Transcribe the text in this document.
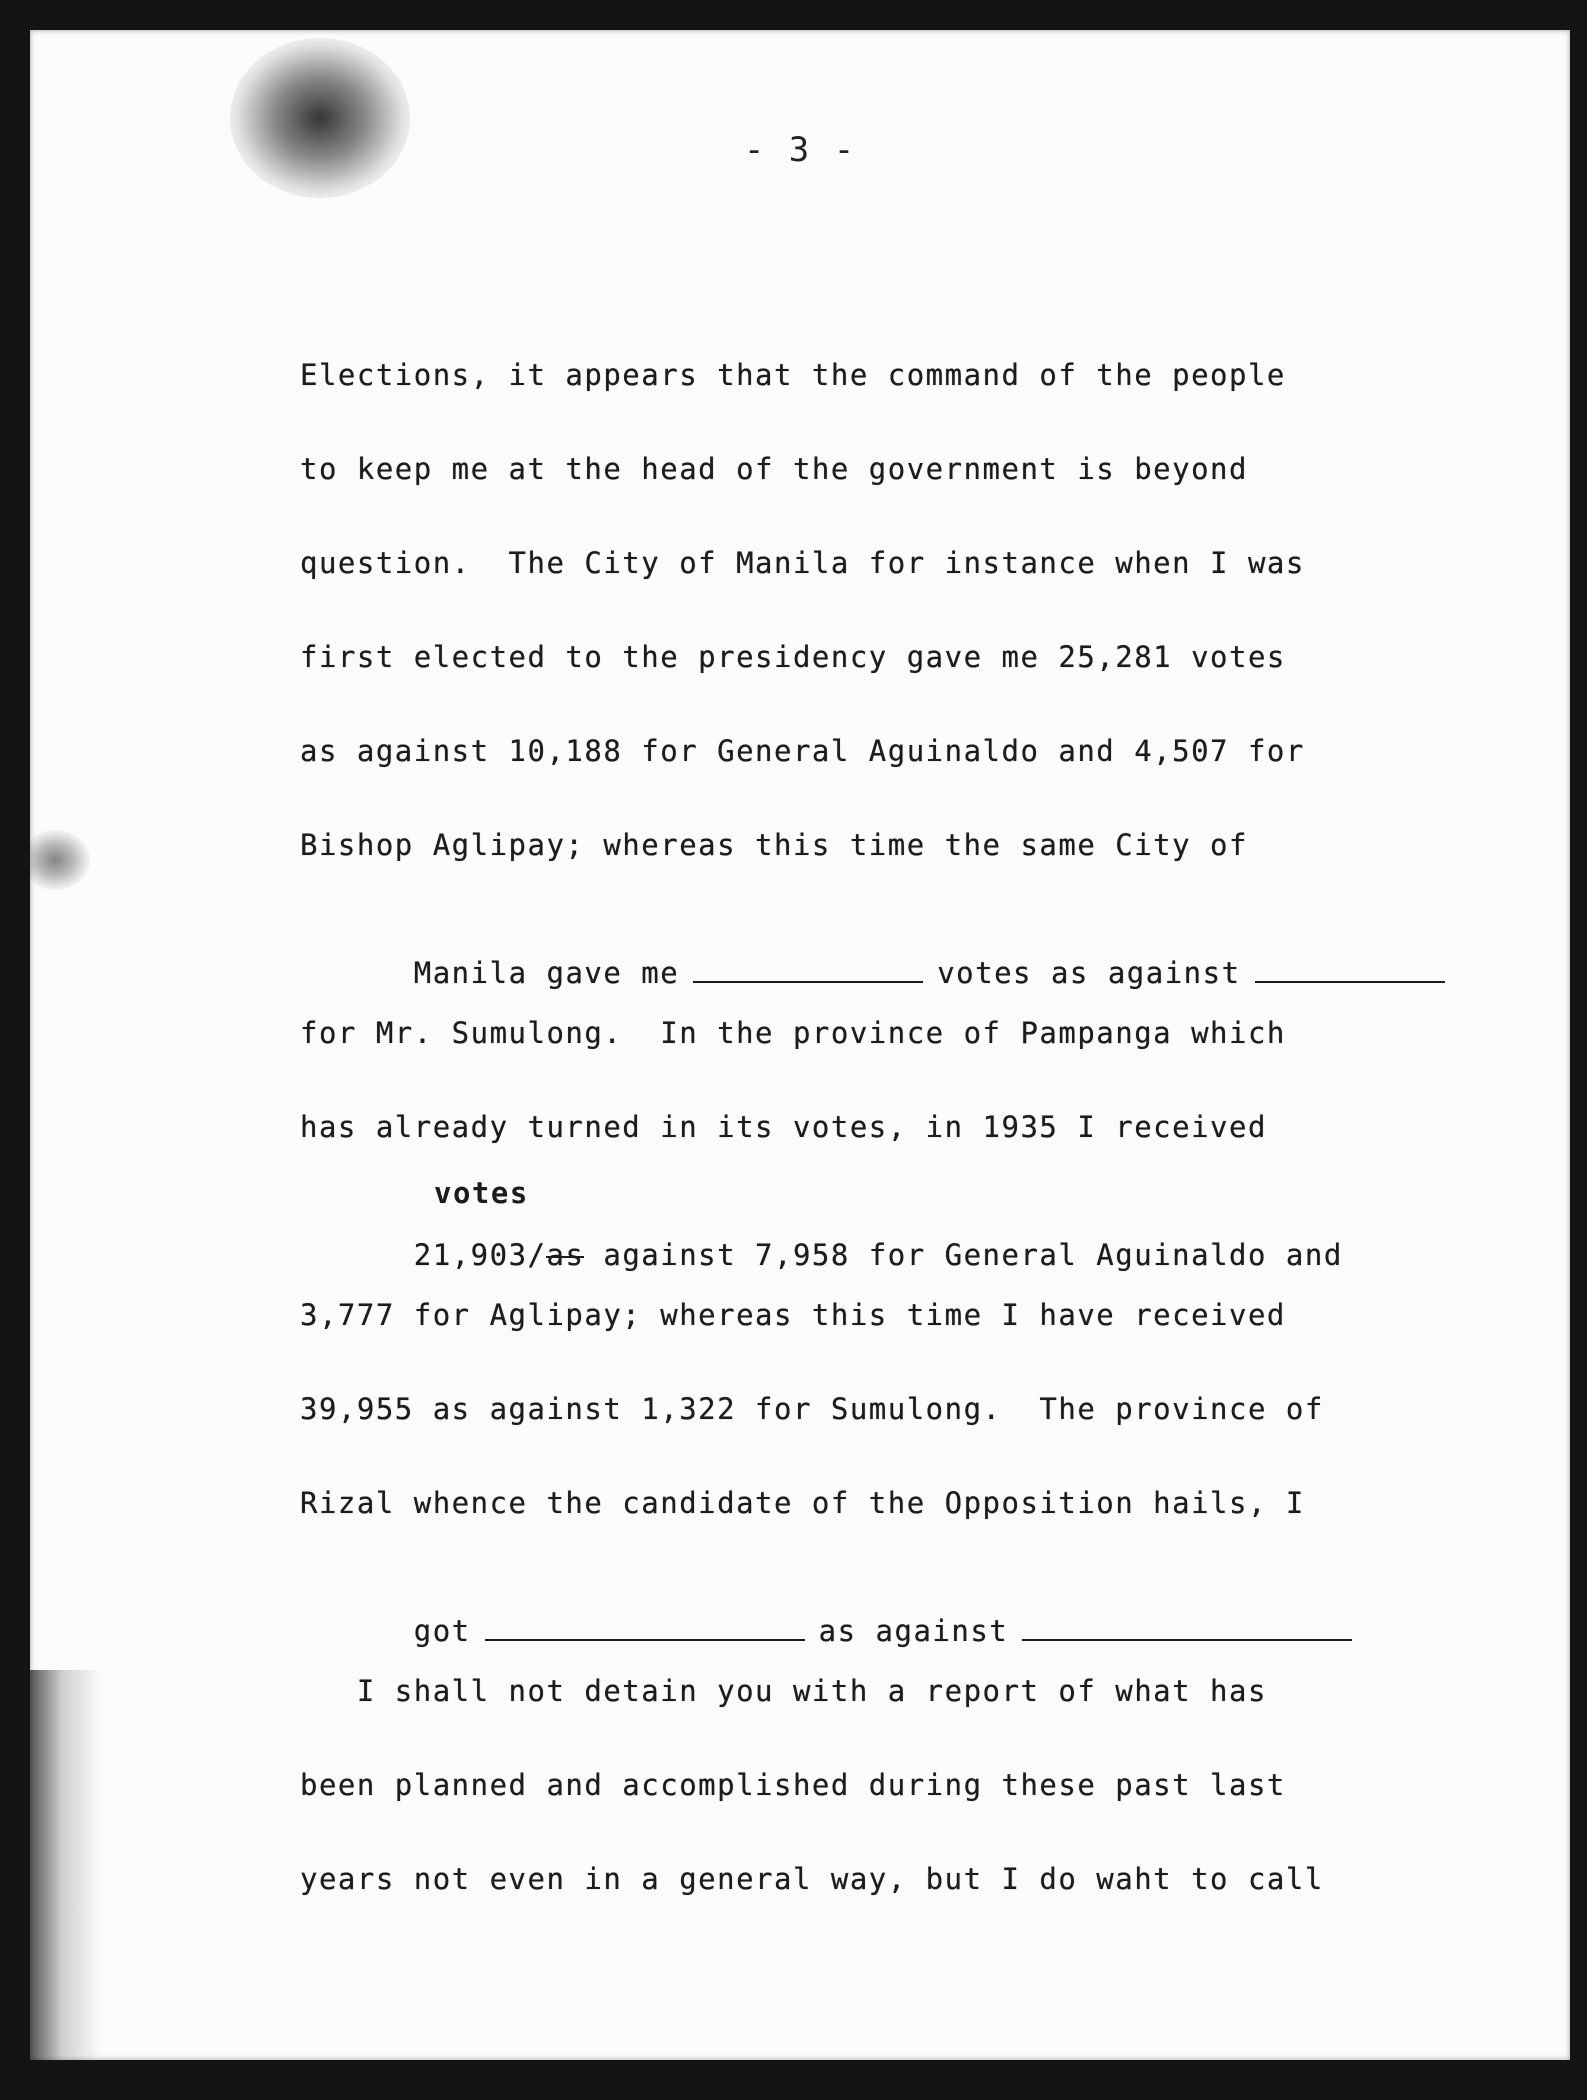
- 3 -
Elections, it appears that the command of the people
to keep me at the head of the government is beyond
question.  The City of Manila for instance when I was
first elected to the presidency gave me 25,281 votes
as against 10,188 for General Aguinaldo and 4,507 for
Bishop Aglipay; whereas this time the same City of

Manila gave me	votes as against

for Mr. Sumulong.  In the province of Pampanga which
has already turned in its votes, in 1935 I received
votes

21,903/as against 7,958 for General Aguinaldo and

3,777 for Aglipay; whereas this time I have received
39,955 as against 1,322 for Sumulong.  The province of
Rizal whence the candidate of the Opposition hails, I

got	as against

I shall not detain you with a report of what has
been planned and accomplished during these past last
years not even in a general way, but I do waht to call
